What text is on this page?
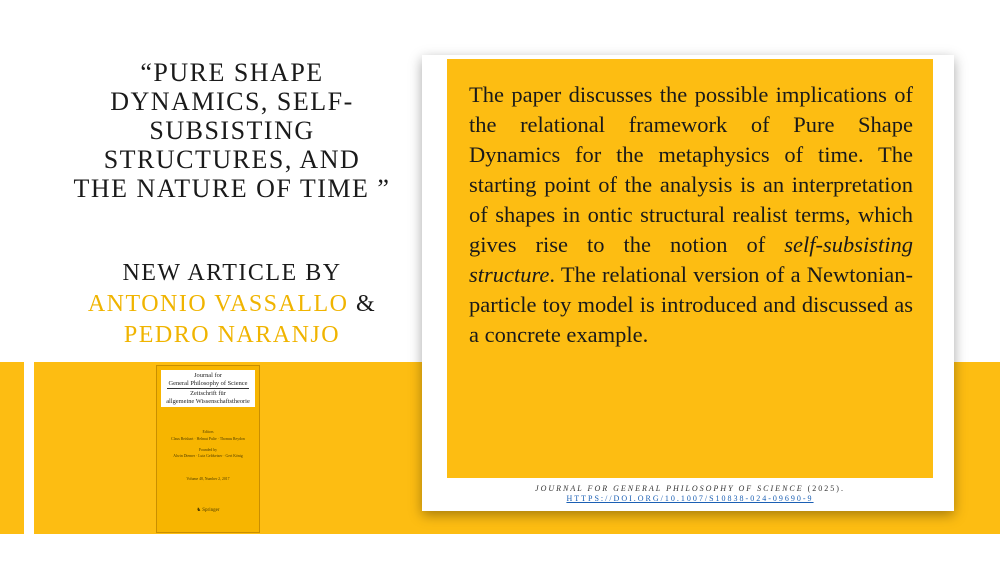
Journal for
General Philosophy of Science
Zeitschrift für
allgemeine Wissenschaftstheorie
Editors
Claus Beisbart · Helmut Pulte · Thomas Reydon
Founded by
Alwin Diemer · Lutz Geldsetzer · Gert König
Volume 48, Number 2, 2017
♞ Springer
“PURE SHAPE
DYNAMICS, SELF-
SUBSISTING
STRUCTURES, AND
THE NATURE OF TIME ”
NEW ARTICLE BY
ANTONIO VASSALLO &
PEDRO NARANJO

The paper discusses the possible implications of the relational framework of Pure Shape Dynamics for the metaphysics of time. The starting point of the analysis is an interpretation of shapes in ontic structural realist terms, which gives rise to the notion of self-subsisting structure. The relational version of a Newtonian-particle toy model is introduced and discussed as a concrete example.

JOURNAL FOR GENERAL PHILOSOPHY OF SCIENCE (2025).
HTTPS://DOI.ORG/10.1007/S10838-024-09690-9
